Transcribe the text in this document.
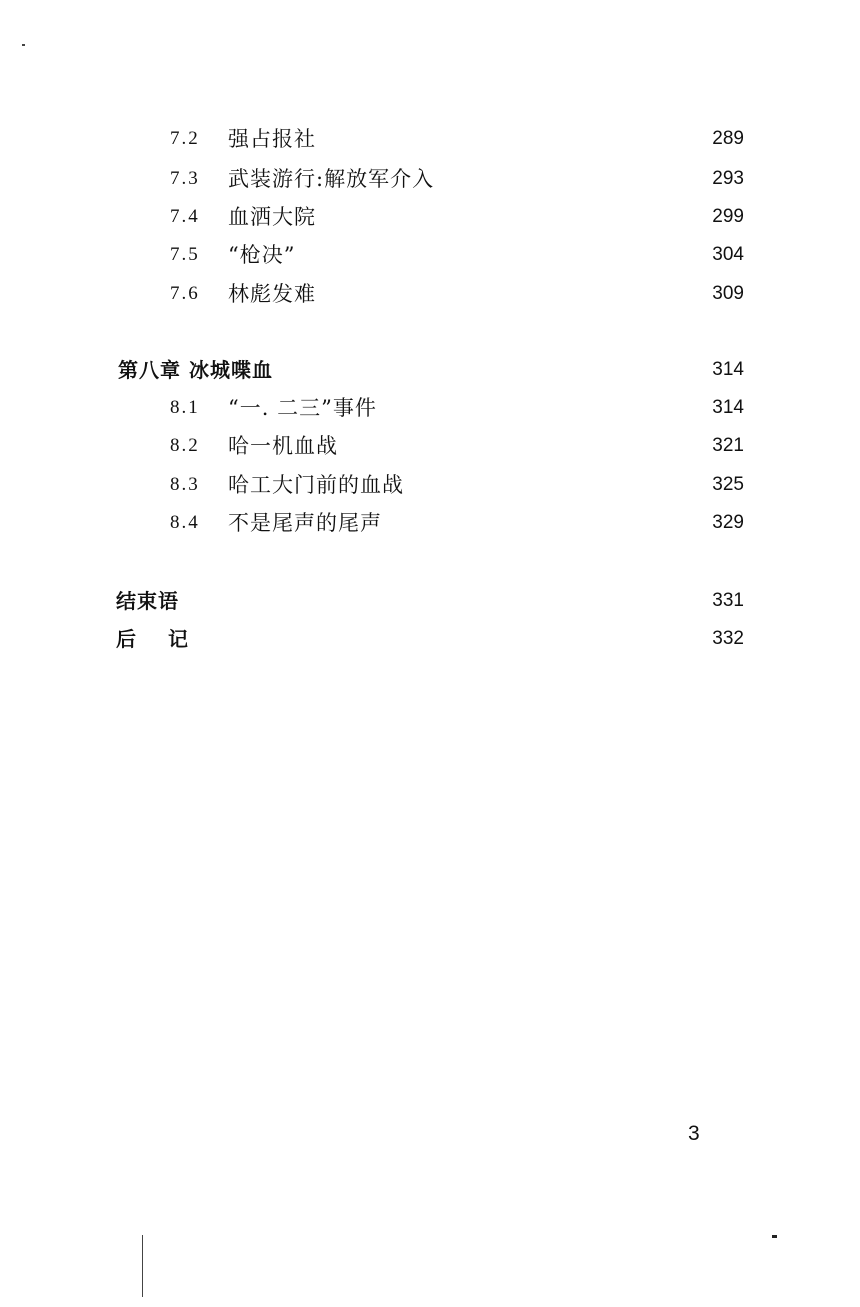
7.2	强占报社	289
7.3	武装游行:解放军介入	293
7.4	血洒大院	299
7.5	“枪决”	304
7.6	林彪发难	309
第八章 冰城喋血	314
8.1	“一. 二三”事件	314
8.2	哈一机血战	321
8.3	哈工大门前的血战	325
8.4	不是尾声的尾声	329
结束语	331
后　记	332
3
